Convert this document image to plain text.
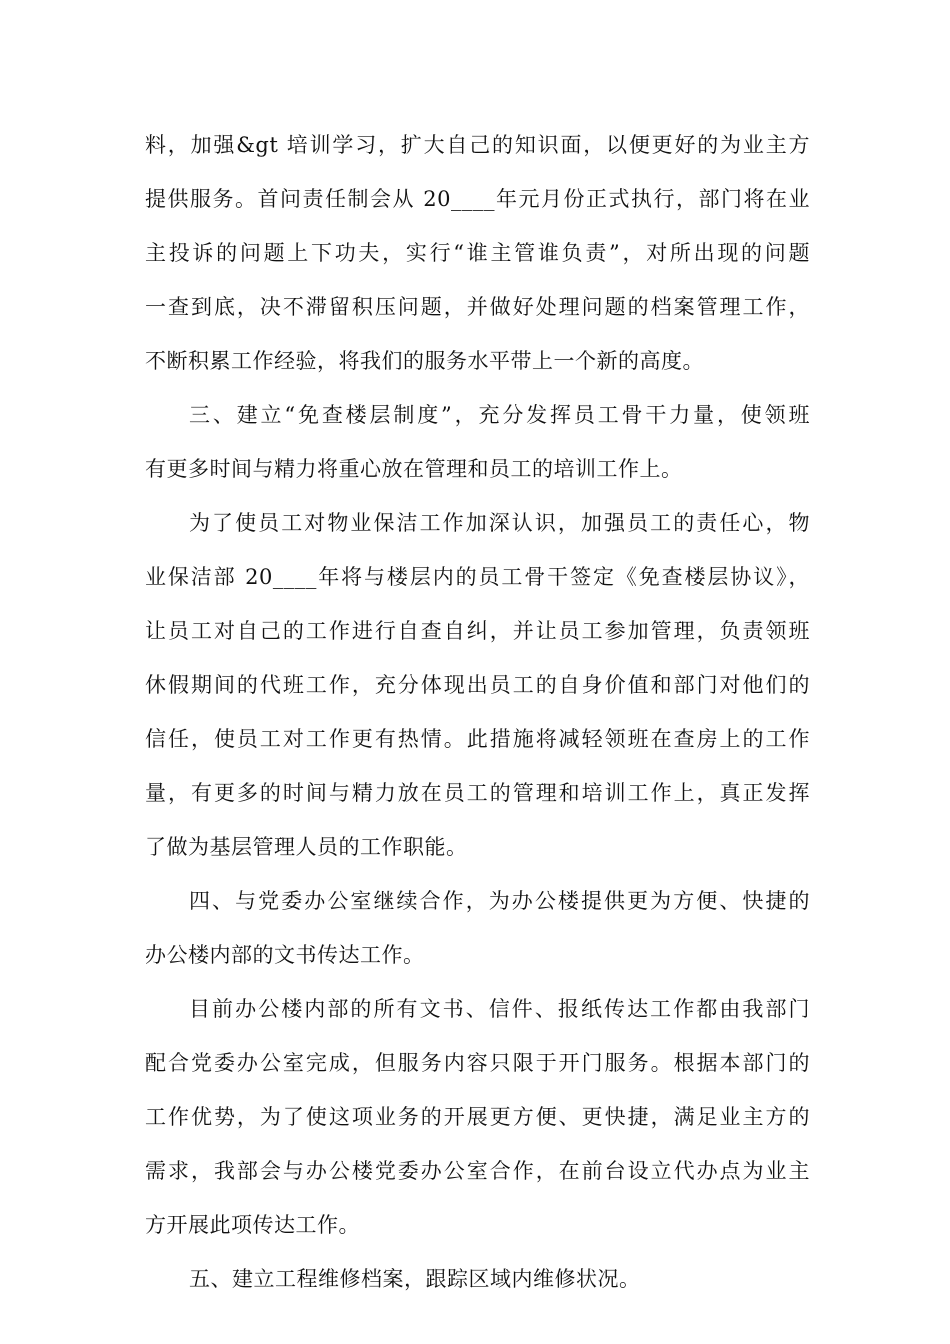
料，加强&gt 培训学习，扩大自己的知识面，以便更好的为业主方
提供服务。首问责任制会从 20____年元月份正式执行，部门将在业
主投诉的问题上下功夫，实行“谁主管谁负责”，对所出现的问题
一查到底，决不滞留积压问题，并做好处理问题的档案管理工作，
不断积累工作经验，将我们的服务水平带上一个新的高度。
三、建立“免查楼层制度”，充分发挥员工骨干力量，使领班
有更多时间与精力将重心放在管理和员工的培训工作上。
为了使员工对物业保洁工作加深认识，加强员工的责任心，物
业保洁部 20____年将与楼层内的员工骨干签定《免查楼层协议》，
让员工对自己的工作进行自查自纠，并让员工参加管理，负责领班
休假期间的代班工作，充分体现出员工的自身价值和部门对他们的
信任，使员工对工作更有热情。此措施将减轻领班在查房上的工作
量，有更多的时间与精力放在员工的管理和培训工作上，真正发挥
了做为基层管理人员的工作职能。
四、与党委办公室继续合作，为办公楼提供更为方便、快捷的
办公楼内部的文书传达工作。
目前办公楼内部的所有文书、信件、报纸传达工作都由我部门
配合党委办公室完成，但服务内容只限于开门服务。根据本部门的
工作优势，为了使这项业务的开展更方便、更快捷，满足业主方的
需求，我部会与办公楼党委办公室合作，在前台设立代办点为业主
方开展此项传达工作。
五、建立工程维修档案，跟踪区域内维修状况。
